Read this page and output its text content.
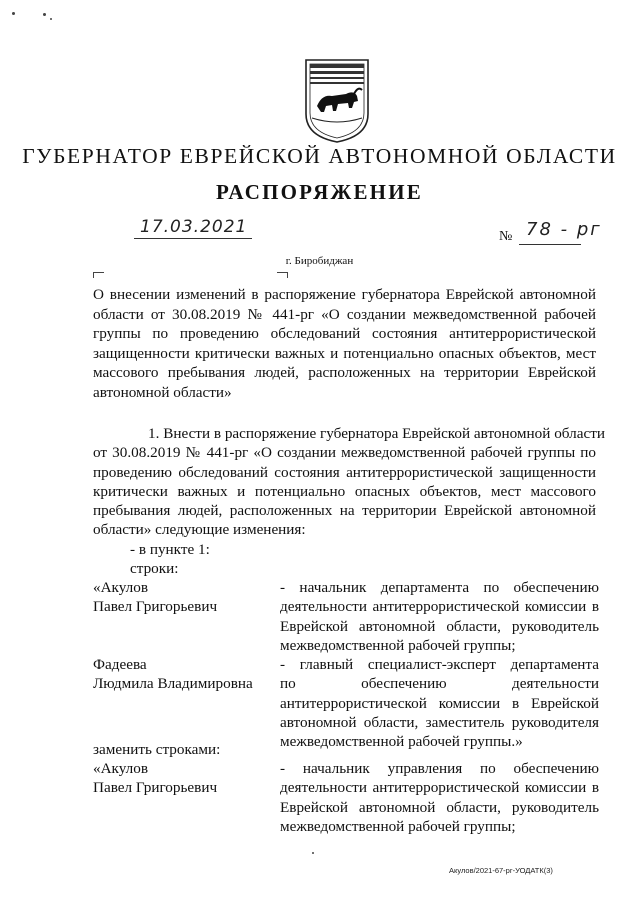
ГУБЕРНАТОР ЕВРЕЙСКОЙ АВТОНОМНОЙ ОБЛАСТИ
РАСПОРЯЖЕНИЕ
17.03.2021	№ 78 - рг
г. Биробиджан
О внесении изменений в распоряжение губернатора Еврейской автономной
области от 30.08.2019 № 441-рг «О создании межведомственной рабочей
группы по проведению обследований состояния антитеррористической
защищенности критически важных и потенциально опасных объектов, мест
массового пребывания людей, расположенных на территории Еврейской
автономной области»
1. Внести в распоряжение губернатора Еврейской автономной области
от 30.08.2019 № 441-рг «О создании межведомственной рабочей группы по
проведению обследований состояния антитеррористической защищенности
критически важных и потенциально опасных объектов, мест массового
пребывания людей, расположенных на территории Еврейской автономной
области» следующие изменения:
- в пункте 1:
строки:
«Акулов
Павел Григорьевич
- начальник департамента по обеспечению
деятельности антитеррористической комиссии в
Еврейской автономной области, руководитель
межведомственной рабочей группы;
Фадеева
Людмила Владимировна
- главный специалист-эксперт департамента
по обеспечению деятельности
антитеррористической комиссии в Еврейской
автономной области, заместитель руководителя
межведомственной рабочей группы.»
заменить строками:
«Акулов
Павел Григорьевич
- начальник управления по обеспечению
деятельности антитеррористической комиссии в
Еврейской автономной области, руководитель
межведомственной рабочей группы;
Акулов/2021-67-рг-УОДАТК(3)
